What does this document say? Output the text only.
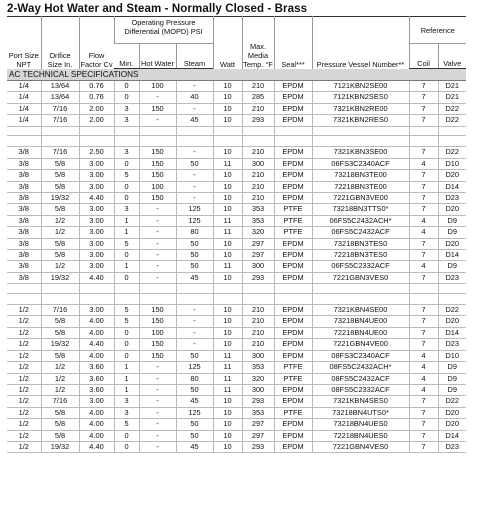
2-Way Hot Water and Steam - Normally Closed - Brass
Port Size NPT	Orifice Size In.	Flow Factor Cv	Operating Pressure Differential (MOPD) PSI			Watt	Max. Media Temp. °F	Seal***	Pressure Vessel Number**	Reference	
			Min.	Hot Water	Steam					Coil	Valve
AC TECHNICAL SPECIFICATIONS											
1/4	13/64	0.76	0	100	-	10	210	EPDM	7121KBN2SE00	7	D21
1/4	13/64	0.76	0	-	40	10	285	EPDM	7121KBN2SES0	7	D21
1/4	7/16	2.00	3	150	-	10	210	EPDM	7321KBN2RE00	7	D22
1/4	7/16	2.00	3	-	45	10	293	EPDM	7321KBN2RES0	7	D22

3/8	7/16	2.50	3	150	-	10	210	EPDM	7321KBN3SE00	7	D22
3/8	5/8	3.00	0	150	50	11	300	EPDM	06FS3C2340ACF	4	D10
3/8	5/8	3.00	5	150	-	10	210	EPDM	73218BN3TE00	7	D20
3/8	5/8	3.00	0	100	-	10	210	EPDM	72218BN3TE00	7	D14
3/8	19/32	4.40	0	150	-	10	210	EPDM	7221GBN3VE00	7	D23
3/8	5/8	3.00	3	-	125	10	353	PTFE	73218BN3TTS0*	7	D20
3/8	1/2	3.00	1	-	125	11	353	PTFE	06FS5C2432ACH*	4	D9
3/8	1/2	3.00	1	-	80	11	320	PTFE	06FS5C2432ACF	4	D9
3/8	5/8	3.00	5	-	50	10	297	EPDM	73218BN3TES0	7	D20
3/8	5/8	3.00	0	-	50	10	297	EPDM	72218BN3TES0	7	D14
3/8	1/2	3.00	1	-	50	11	300	EPDM	06FS5C2332ACF	4	D9
3/8	19/32	4.40	0	-	45	10	293	EPDM	7221GBN3VES0	7	D23

1/2	7/16	3.00	5	150	-	10	210	EPDM	7321KBN4SE00	7	D22
1/2	5/8	4.00	5	150	-	10	210	EPDM	73218BN4UE00	7	D20
1/2	5/8	4.00	0	100	-	10	210	EPDM	72218BN4UE00	7	D14
1/2	19/32	4.40	0	150	-	10	210	EPDM	7221GBN4VE00	7	D23
1/2	5/8	4.00	0	150	50	11	300	EPDM	08FS3C2340ACF	4	D10
1/2	1/2	3.60	1	-	125	11	353	PTFE	08FS5C2432ACH*	4	D9
1/2	1/2	3.60	1	-	80	11	320	PTFE	08FS5C2432ACF	4	D9
1/2	1/2	3.60	1	-	50	11	300	EPDM	08FS5C2332ACF	4	D9
1/2	7/16	3.00	3	-	45	10	293	EPDM	7321KBN4SES0	7	D22
1/2	5/8	4.00	3	-	125	10	353	PTFE	73218BN4UTS0*	7	D20
1/2	5/8	4.00	5	-	50	10	297	EPDM	73218BN4UES0	7	D20
1/2	5/8	4.00	0	-	50	10	297	EPDM	72218BN4UES0	7	D14
1/2	19/32	4.40	0	-	45	10	293	EPDM	7221GBN4VES0	7	D23
